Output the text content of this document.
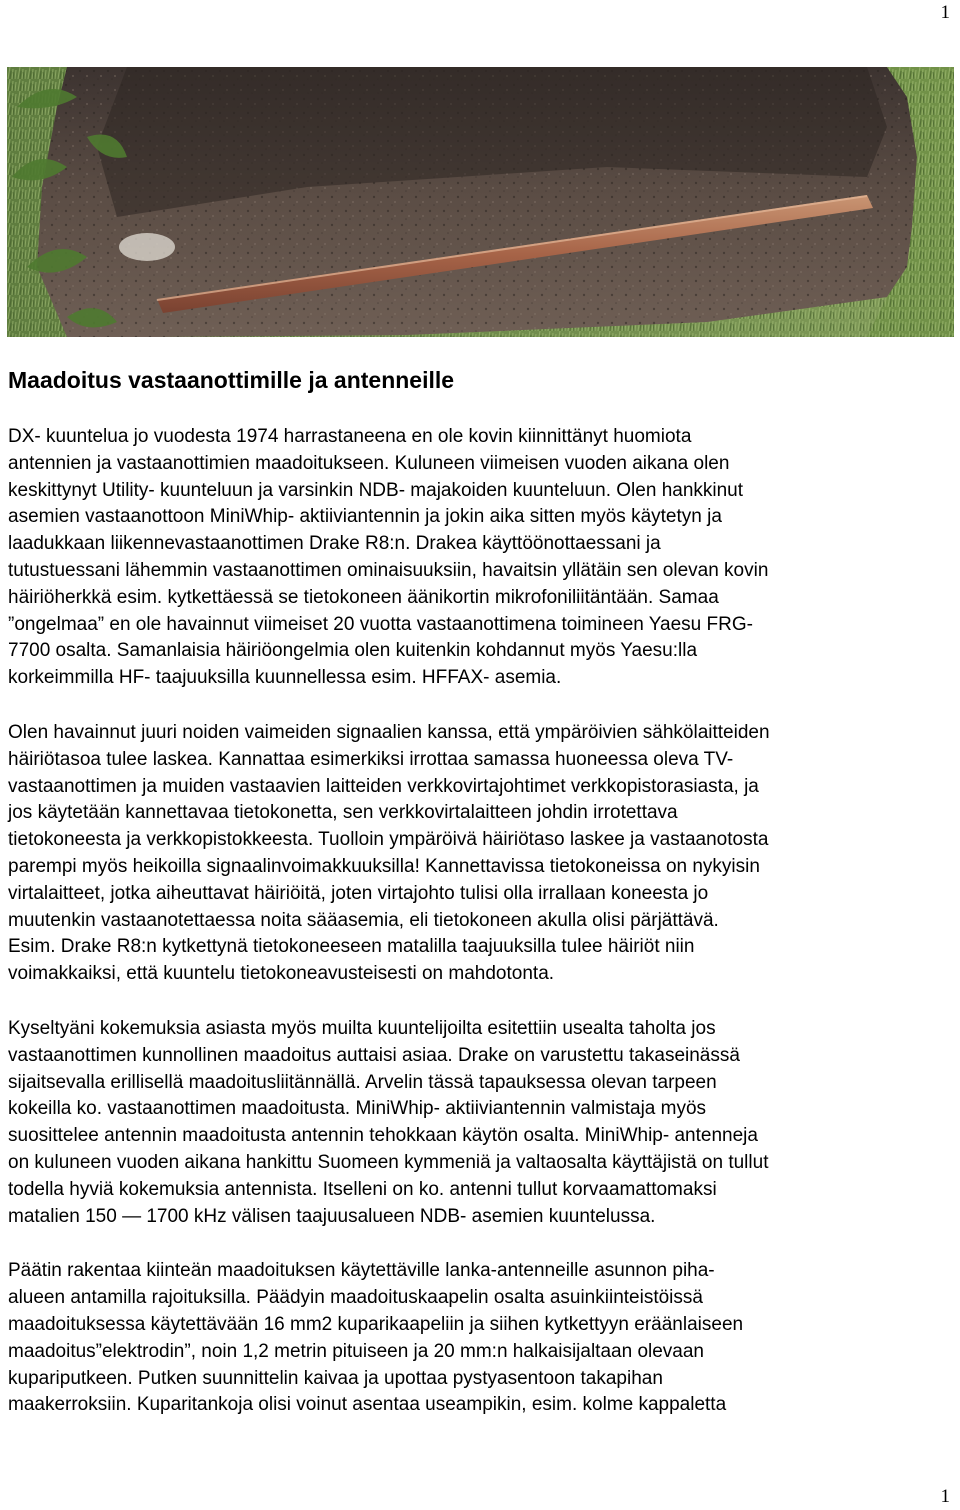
1
Maadoitus vastaanottimille ja antenneille

DX- kuuntelua jo vuodesta 1974 harrastaneena en ole kovin kiinnittänyt huomiota
antennien ja vastaanottimien maadoitukseen. Kuluneen viimeisen vuoden aikana olen
keskittynyt Utility- kuunteluun ja varsinkin NDB- majakoiden kuunteluun. Olen hankkinut
asemien vastaanottoon MiniWhip- aktiiviantennin ja jokin aika sitten myös käytetyn ja
laadukkaan liikennevastaanottimen Drake R8:n. Drakea käyttöönottaessani ja
tutustuessani lähemmin vastaanottimen ominaisuuksiin, havaitsin yllätäin sen olevan kovin
häiriöherkkä esim. kytkettäessä se tietokoneen äänikortin mikrofoniliitäntään. Samaa
”ongelmaa” en ole havainnut viimeiset 20 vuotta vastaanottimena toimineen Yaesu FRG-
7700 osalta. Samanlaisia häiriöongelmia olen kuitenkin kohdannut myös Yaesu:lla
korkeimmilla HF- taajuuksilla kuunnellessa esim. HFFAX- asemia.

Olen havainnut juuri noiden vaimeiden signaalien kanssa, että ympäröivien sähkölaitteiden
häiriötasoa tulee laskea. Kannattaa esimerkiksi irrottaa samassa huoneessa oleva TV-
vastaanottimen ja muiden vastaavien laitteiden verkkovirtajohtimet verkkopistorasiasta, ja
jos käytetään kannettavaa tietokonetta, sen verkkovirtalaitteen johdin irrotettava
tietokoneesta ja verkkopistokkeesta. Tuolloin ympäröivä häiriötaso laskee ja vastaanotosta
parempi myös heikoilla signaalinvoimakkuuksilla! Kannettavissa tietokoneissa on nykyisin
virtalaitteet, jotka aiheuttavat häiriöitä, joten virtajohto tulisi olla irrallaan koneesta jo
muutenkin vastaanotettaessa noita sääasemia, eli tietokoneen akulla olisi pärjättävä.
Esim. Drake R8:n kytkettynä tietokoneeseen matalilla taajuuksilla tulee häiriöt niin
voimakkaiksi, että kuuntelu tietokoneavusteisesti on mahdotonta.

Kyseltyäni kokemuksia asiasta myös muilta kuuntelijoilta esitettiin usealta taholta jos
vastaanottimen kunnollinen maadoitus auttaisi asiaa. Drake on varustettu takaseinässä
sijaitsevalla erillisellä maadoitusliitännällä. Arvelin tässä tapauksessa olevan tarpeen
kokeilla ko. vastaanottimen maadoitusta. MiniWhip- aktiiviantennin valmistaja myös
suosittelee antennin maadoitusta antennin tehokkaan käytön osalta. MiniWhip- antenneja
on kuluneen vuoden aikana hankittu Suomeen kymmeniä ja valtaosalta käyttäjistä on tullut
todella hyviä kokemuksia antennista. Itselleni on ko. antenni tullut korvaamattomaksi
matalien 150 — 1700 kHz välisen taajuusalueen NDB- asemien kuuntelussa.

Päätin rakentaa kiinteän maadoituksen käytettäville lanka-antenneille asunnon piha-
alueen antamilla rajoituksilla. Päädyin maadoituskaapelin osalta asuinkiinteistöissä
maadoituksessa käytettävään 16 mm2 kuparikaapeliin ja siihen kytkettyyn eräänlaiseen
maadoitus”elektrodin”, noin 1,2 metrin pituiseen ja 20 mm:n halkaisijaltaan olevaan
kupariputkeen. Putken suunnittelin kaivaa ja upottaa pystyasentoon takapihan
maakerroksiin. Kuparitankoja olisi voinut asentaa useampikin, esim. kolme kappaletta

1
